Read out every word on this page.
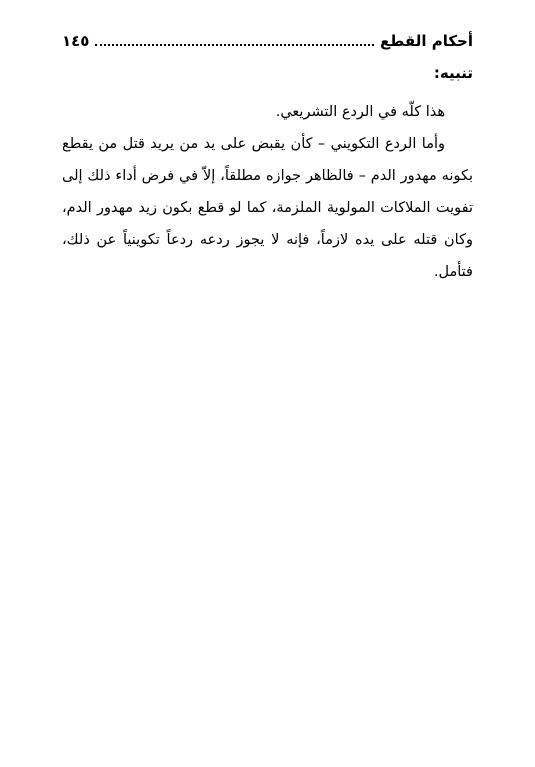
أحكام القطع
١٤٥
تنبيه:

هذا كلّه في الردع التشريعي.

وأما الردع التكويني – كأن يقبض على يد من يريد قتل من يقطع بكونه مهدور الدم – فالظاهر جوازه مطلقاً، إلاّ في فرض أداء ذلك إلى تفويت الملاكات المولوية الملزمة، كما لو قطع بكون زيد مهدور الدم، وكان قتله على يده لازماً، فإنه لا يجوز ردعه ردعاً تكوينياً عن ذلك، فتأمل.
